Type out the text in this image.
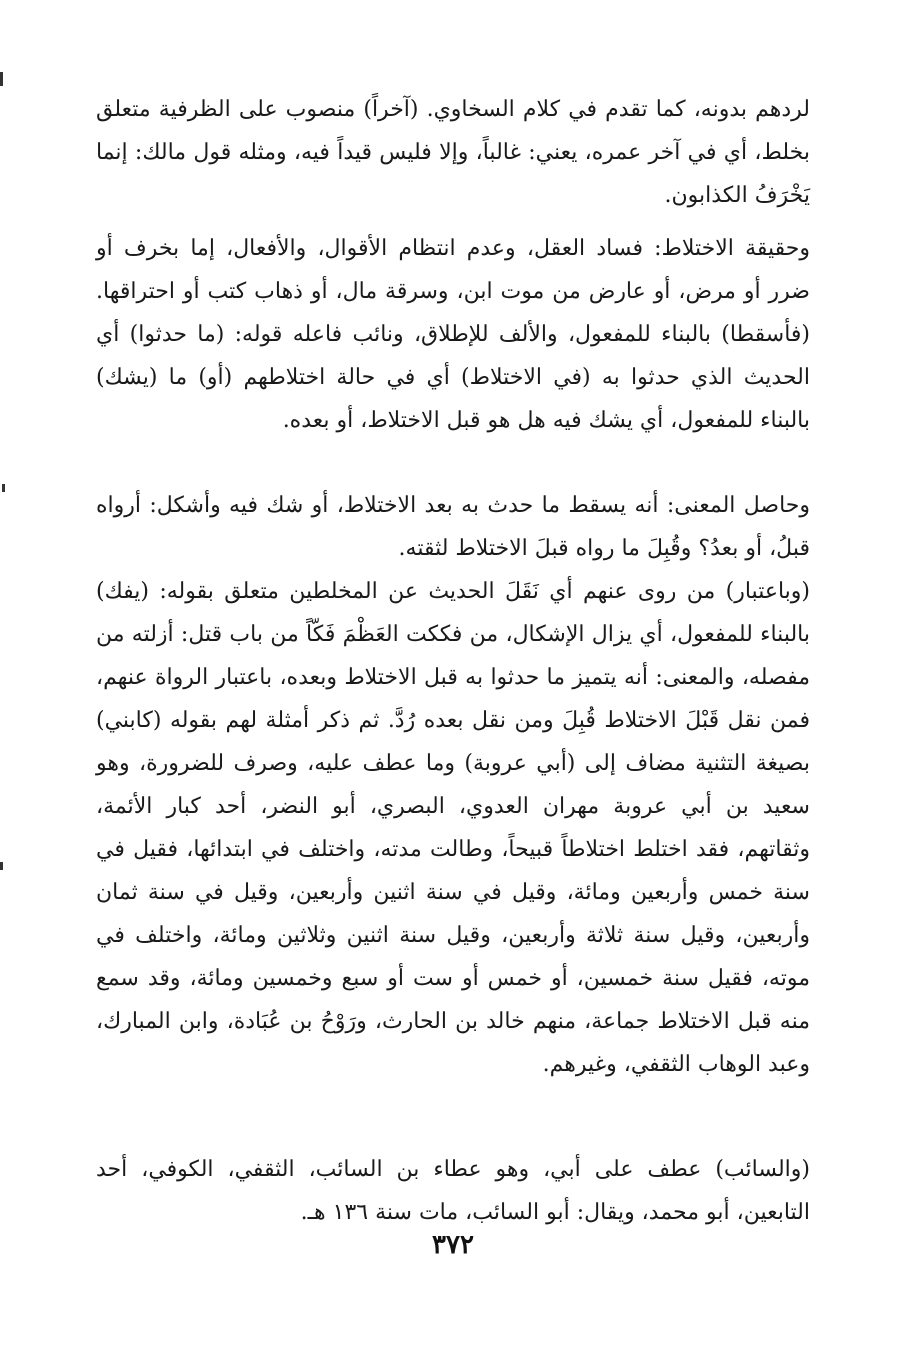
لردهم بدونه، كما تقدم في كلام السخاوي. (آخراً) منصوب على الظرفية متعلق بخلط، أي في آخر عمره، يعني: غالباً، وإلا فليس قيداً فيه، ومثله قول مالك: إنما يَخْرَفُ الكذابون.

وحقيقة الاختلاط: فساد العقل، وعدم انتظام الأقوال، والأفعال، إما بخرف أو ضرر أو مرض، أو عارض من موت ابن، وسرقة مال، أو ذهاب كتب أو احتراقها. (فأسقطا) بالبناء للمفعول، والألف للإطلاق، ونائب فاعله قوله: (ما حدثوا) أي الحديث الذي حدثوا به (في الاختلاط) أي في حالة اختلاطهم (أو) ما (يشك) بالبناء للمفعول، أي يشك فيه هل هو قبل الاختلاط، أو بعده.

وحاصل المعنى: أنه يسقط ما حدث به بعد الاختلاط، أو شك فيه وأشكل: أرواه قبلُ، أو بعدُ؟ وقُبِلَ ما رواه قبلَ الاختلاط لثقته.

(وباعتبار) من روى عنهم أي نَقَلَ الحديث عن المخلطين متعلق بقوله: (يفك) بالبناء للمفعول، أي يزال الإشكال، من فككت العَظْمَ فَكّاً من باب قتل: أزلته من مفصله، والمعنى: أنه يتميز ما حدثوا به قبل الاختلاط وبعده، باعتبار الرواة عنهم، فمن نقل قَبْلَ الاختلاط قُبِلَ ومن نقل بعده رُدَّ. ثم ذكر أمثلة لهم بقوله (كابني) بصيغة التثنية مضاف إلى (أبي عروبة) وما عطف عليه، وصرف للضرورة، وهو سعيد بن أبي عروبة مهران العدوي، البصري، أبو النضر، أحد كبار الأئمة، وثقاتهم، فقد اختلط اختلاطاً قبيحاً، وطالت مدته، واختلف في ابتدائها، فقيل في سنة خمس وأربعين ومائة، وقيل في سنة اثنين وأربعين، وقيل في سنة ثمان وأربعين، وقيل سنة ثلاثة وأربعين، وقيل سنة اثنين وثلاثين ومائة، واختلف في موته، فقيل سنة خمسين، أو خمس أو ست أو سبع وخمسين ومائة، وقد سمع منه قبل الاختلاط جماعة، منهم خالد بن الحارث، ورَوْحُ بن عُبَادة، وابن المبارك، وعبد الوهاب الثقفي، وغيرهم.

(والسائب) عطف على أبي، وهو عطاء بن السائب، الثقفي، الكوفي، أحد التابعين، أبو محمد، ويقال: أبو السائب، مات سنة ١٣٦ هـ.

٣٧٢
